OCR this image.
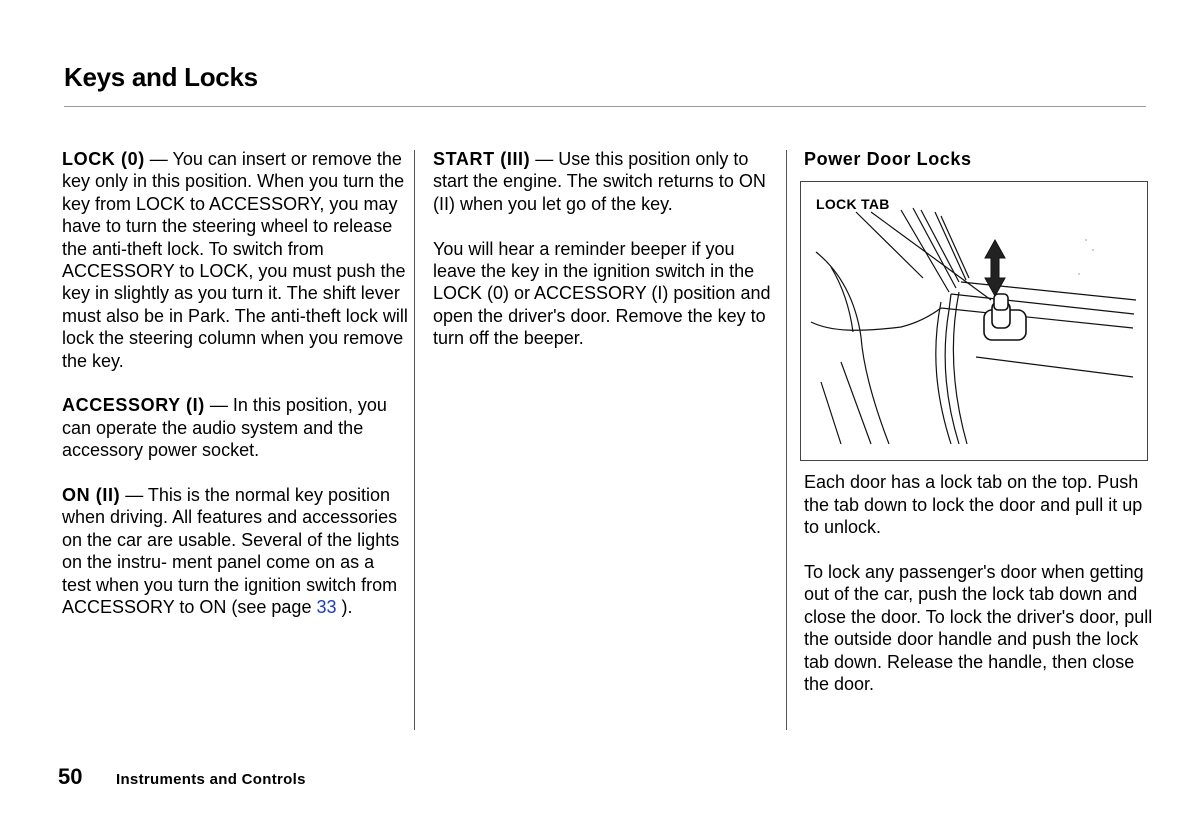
Keys and Locks

LOCK (0) — You can insert or remove the key only in this position. When you turn the key from LOCK to ACCESSORY, you may have to turn the steering wheel to release the anti-theft lock. To switch from ACCESSORY to LOCK, you must push the key in slightly as you turn it. The shift lever must also be in Park. The anti-theft lock will lock the steering column when you remove the key.

ACCESSORY (I) — In this position, you can operate the audio system and the accessory power socket.

ON (II) — This is the normal key position when driving. All features and accessories on the car are usable. Several of the lights on the instru- ment panel come on as a test when you turn the ignition switch from ACCESSORY to ON (see page 33 ).

START (III) — Use this position only to start the engine. The switch returns to ON (II) when you let go of the key.

You will hear a reminder beeper if you leave the key in the ignition switch in the LOCK (0) or ACCESSORY (I) position and open the driver's door. Remove the key to turn off the beeper.

Power Door Locks
LOCK TAB

Each door has a lock tab on the top. Push the tab down to lock the door and pull it up to unlock.

To lock any passenger's door when getting out of the car, push the lock tab down and close the door. To lock the driver's door, pull the outside door handle and push the lock tab down. Release the handle, then close the door.

50 Instruments and Controls
